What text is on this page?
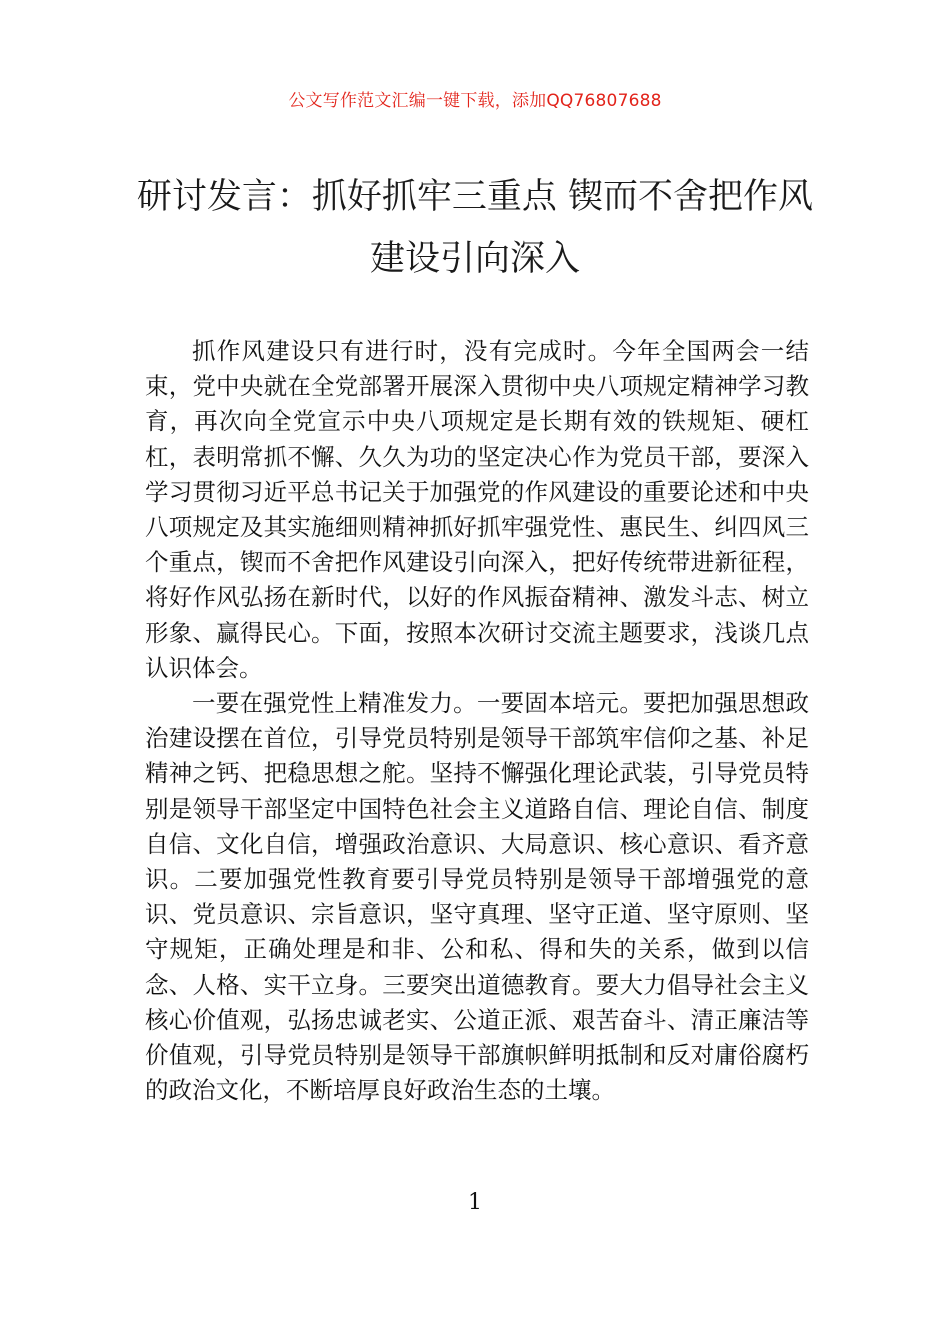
公文写作范文汇编一键下载，添加QQ76807688
研讨发言：抓好抓牢三重点 锲而不舍把作风建设引向深入

抓作风建设只有进行时，没有完成时。今年全国两会一结束，党中央就在全党部署开展深入贯彻中央八项规定精神学习教育，再次向全党宣示中央八项规定是长期有效的铁规矩、硬杠杠，表明常抓不懈、久久为功的坚定决心作为党员干部，要深入学习贯彻习近平总书记关于加强党的作风建设的重要论述和中央八项规定及其实施细则精神抓好抓牢强党性、惠民生、纠四风三个重点，锲而不舍把作风建设引向深入，把好传统带进新征程，将好作风弘扬在新时代，以好的作风振奋精神、激发斗志、树立形象、赢得民心。下面，按照本次研讨交流主题要求，浅谈几点认识体会。

一要在强党性上精准发力。一要固本培元。要把加强思想政治建设摆在首位，引导党员特别是领导干部筑牢信仰之基、补足精神之钙、把稳思想之舵。坚持不懈强化理论武装，引导党员特别是领导干部坚定中国特色社会主义道路自信、理论自信、制度自信、文化自信，增强政治意识、大局意识、核心意识、看齐意识。二要加强党性教育要引导党员特别是领导干部增强党的意识、党员意识、宗旨意识，坚守真理、坚守正道、坚守原则、坚守规矩，正确处理是和非、公和私、得和失的关系，做到以信念、人格、实干立身。三要突出道德教育。要大力倡导社会主义核心价值观，弘扬忠诚老实、公道正派、艰苦奋斗、清正廉洁等价值观，引导党员特别是领导干部旗帜鲜明抵制和反对庸俗腐朽的政治文化，不断培厚良好政治生态的土壤。

1
